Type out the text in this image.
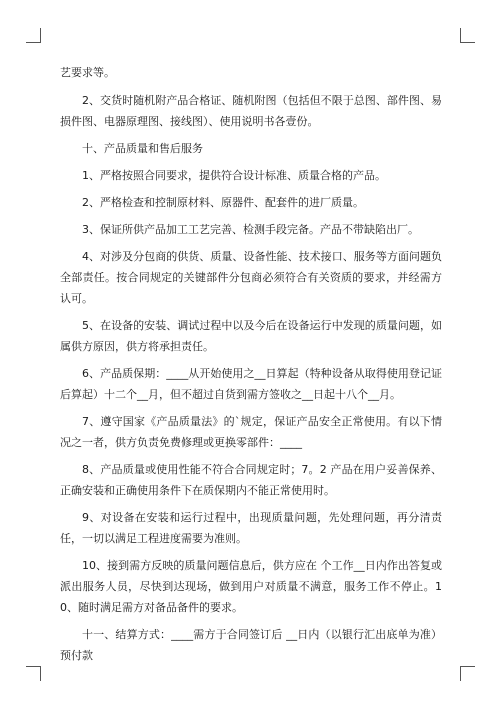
艺要求等。

2、交货时随机附产品合格证、随机附图（包括但不限于总图、部件图、易损件图、电器原理图、接线图）、使用说明书各壹份。

十、产品质量和售后服务

1、严格按照合同要求，提供符合设计标准、质量合格的产品。

2、严格检查和控制原材料、原器件、配套件的进厂质量。

3、保证所供产品加工工艺完善、检测手段完备。产品不带缺陷出厂。

4、对涉及分包商的供货、质量、设备性能、技术接口、服务等方面问题负全部责任。按合同规定的关键部件分包商必须符合有关资质的要求，并经需方认可。

5、在设备的安装、调试过程中以及今后在设备运行中发现的质量问题，如属供方原因，供方将承担责任。

6、产品质保期：____从开始使用之__日算起（特种设备从取得使用登记证后算起）十二个__月，但不超过自货到需方签收之__日起十八个__月。

7、遵守国家《产品质量法》的`规定，保证产品安全正常使用。有以下情况之一者，供方负责免费修理或更换零部件：____

8、产品质量或使用性能不符合合同规定时；7。2 产品在用户妥善保养、正确安装和正确使用条件下在质保期内不能正常使用时。

9、对设备在安装和运行过程中，出现质量问题，先处理问题，再分清责任，一切以满足工程进度需要为准则。

10、接到需方反映的质量问题信息后，供方应在 个工作__日内作出答复或派出服务人员，尽快到达现场，做到用户对质量不满意，服务工作不停止。10、随时满足需方对备品备件的要求。

十一、结算方式：____需方于合同签订后 __日内（以银行汇出底单为准）预付款
